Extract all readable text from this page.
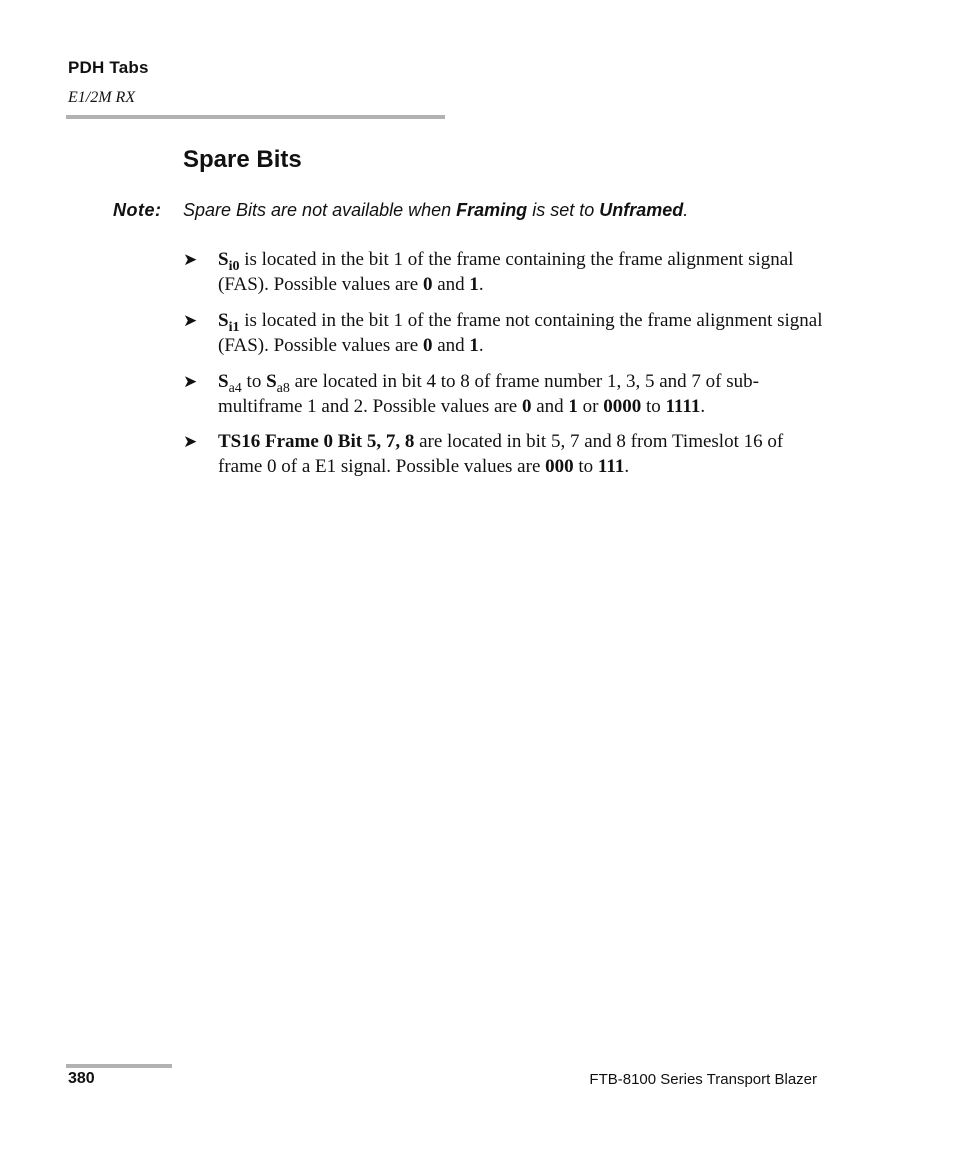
PDH Tabs
E1/2M RX
Spare Bits
Note: Spare Bits are not available when Framing is set to Unframed.
➤ $S_{i0}$ is located in the bit 1 of the frame containing the frame alignment signal (FAS). Possible values are 0 and 1.
➤ $S_{i1}$ is located in the bit 1 of the frame not containing the frame alignment signal (FAS). Possible values are 0 and 1.
➤ $S_{a4}$ to $S_{a8}$ are located in bit 4 to 8 of frame number 1, 3, 5 and 7 of sub-multiframe 1 and 2. Possible values are 0 and 1 or 0000 to 1111.
➤ TS16 Frame 0 Bit 5, 7, 8 are located in bit 5, 7 and 8 from Timeslot 16 of frame 0 of a E1 signal. Possible values are 000 to 111.
380	FTB-8100 Series Transport Blazer
